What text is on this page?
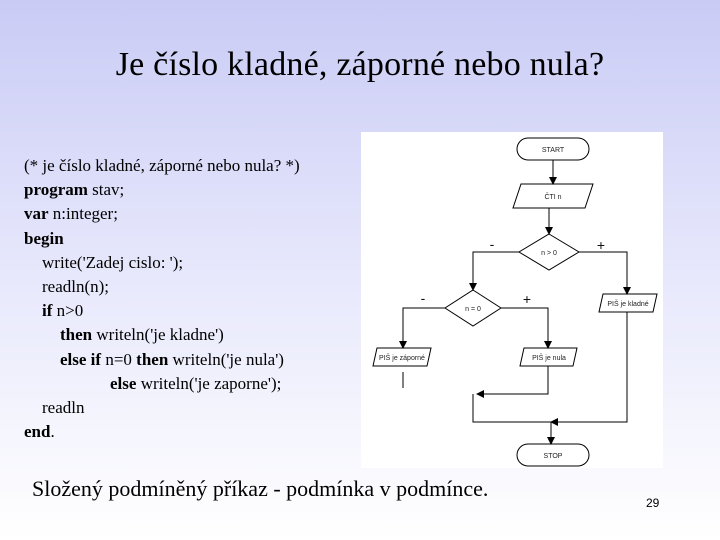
Je číslo kladné, záporné nebo nula?
(* je číslo kladné, záporné nebo nula? *)
program stav;
var n:integer;
begin
write('Zadej cislo: ');
readln(n);
if n>0
then writeln('je kladne')
else if n=0 then writeln('je nula')
else writeln('je zaporne');
readln
end.
START
ČTI n
n > 0
n = 0
PIŠ je kladné
PIŠ je nula
PIŠ je záporné
STOP
-	+
-	+
Složený podmíněný příkaz - podmínka v podmínce.
29
